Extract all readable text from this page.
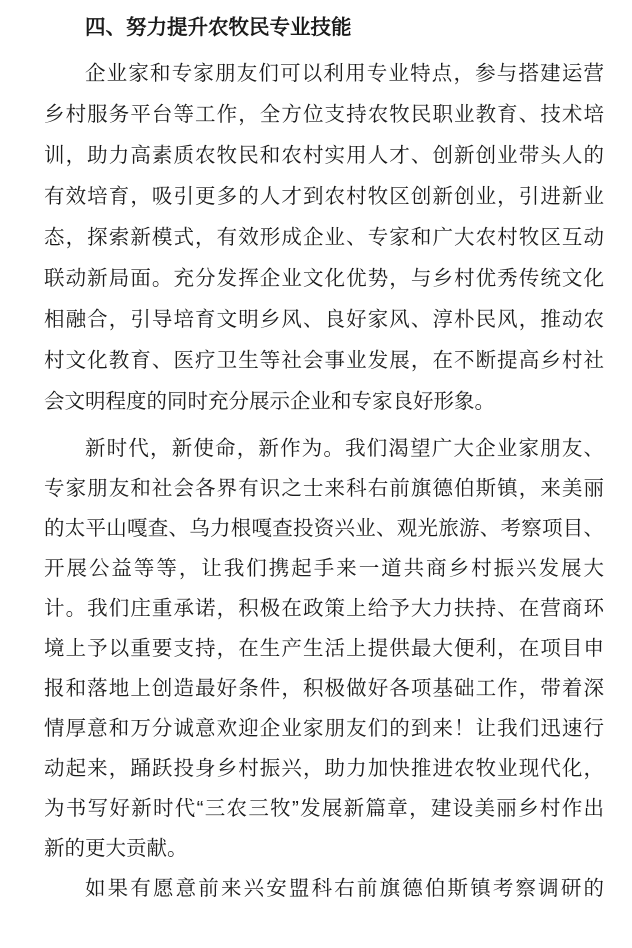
四、努力提升农牧民专业技能
企业家和专家朋友们可以利用专业特点，参与搭建运营
乡村服务平台等工作，全方位支持农牧民职业教育、技术培
训，助力高素质农牧民和农村实用人才、创新创业带头人的
有效培育，吸引更多的人才到农村牧区创新创业，引进新业
态，探索新模式，有效形成企业、专家和广大农村牧区互动
联动新局面。充分发挥企业文化优势，与乡村优秀传统文化
相融合，引导培育文明乡风、良好家风、淳朴民风，推动农
村文化教育、医疗卫生等社会事业发展，在不断提高乡村社
会文明程度的同时充分展示企业和专家良好形象。
新时代，新使命，新作为。我们渴望广大企业家朋友、
专家朋友和社会各界有识之士来科右前旗德伯斯镇，来美丽
的太平山嘎查、乌力根嘎查投资兴业、观光旅游、考察项目、
开展公益等等，让我们携起手来一道共商乡村振兴发展大
计。我们庄重承诺，积极在政策上给予大力扶持、在营商环
境上予以重要支持，在生产生活上提供最大便利，在项目申
报和落地上创造最好条件，积极做好各项基础工作，带着深
情厚意和万分诚意欢迎企业家朋友们的到来！让我们迅速行
动起来，踊跃投身乡村振兴，助力加快推进农牧业现代化，
为书写好新时代“三农三牧”发展新篇章，建设美丽乡村作出
新的更大贡献。
如果有愿意前来兴安盟科右前旗德伯斯镇考察调研的
